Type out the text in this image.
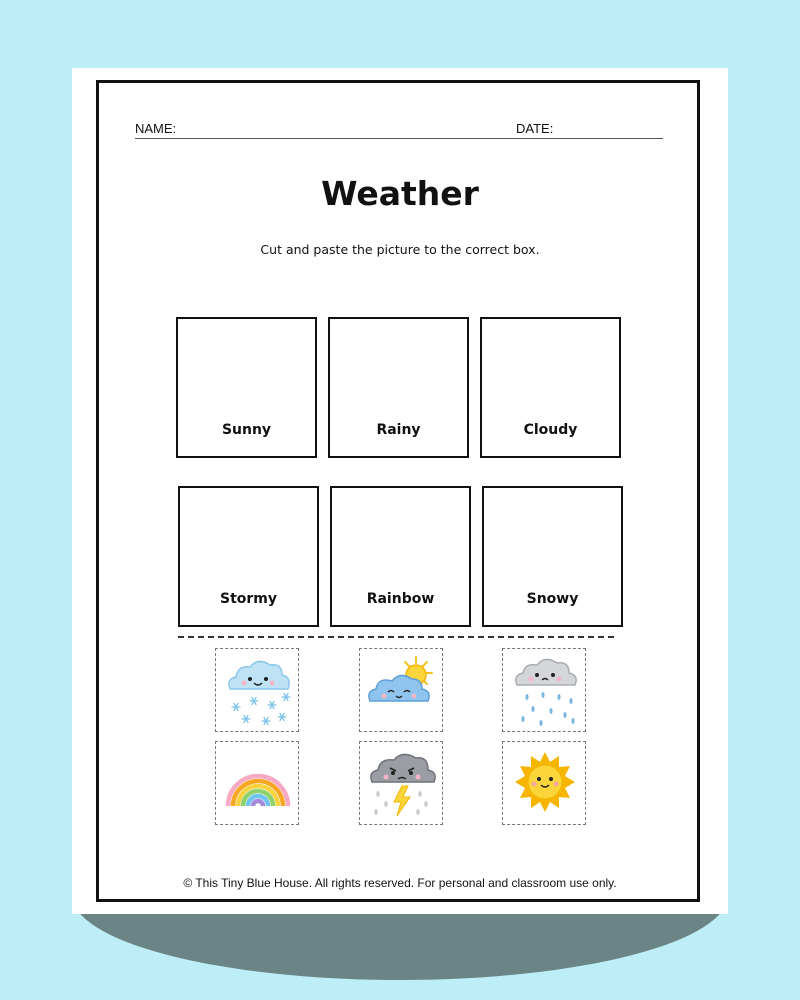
NAME:	DATE:
Weather
Cut and paste the picture to the correct box.
Sunny	Rainy	Cloudy
Stormy	Rainbow	Snowy
© This Tiny Blue House. All rights reserved. For personal and classroom use only.
